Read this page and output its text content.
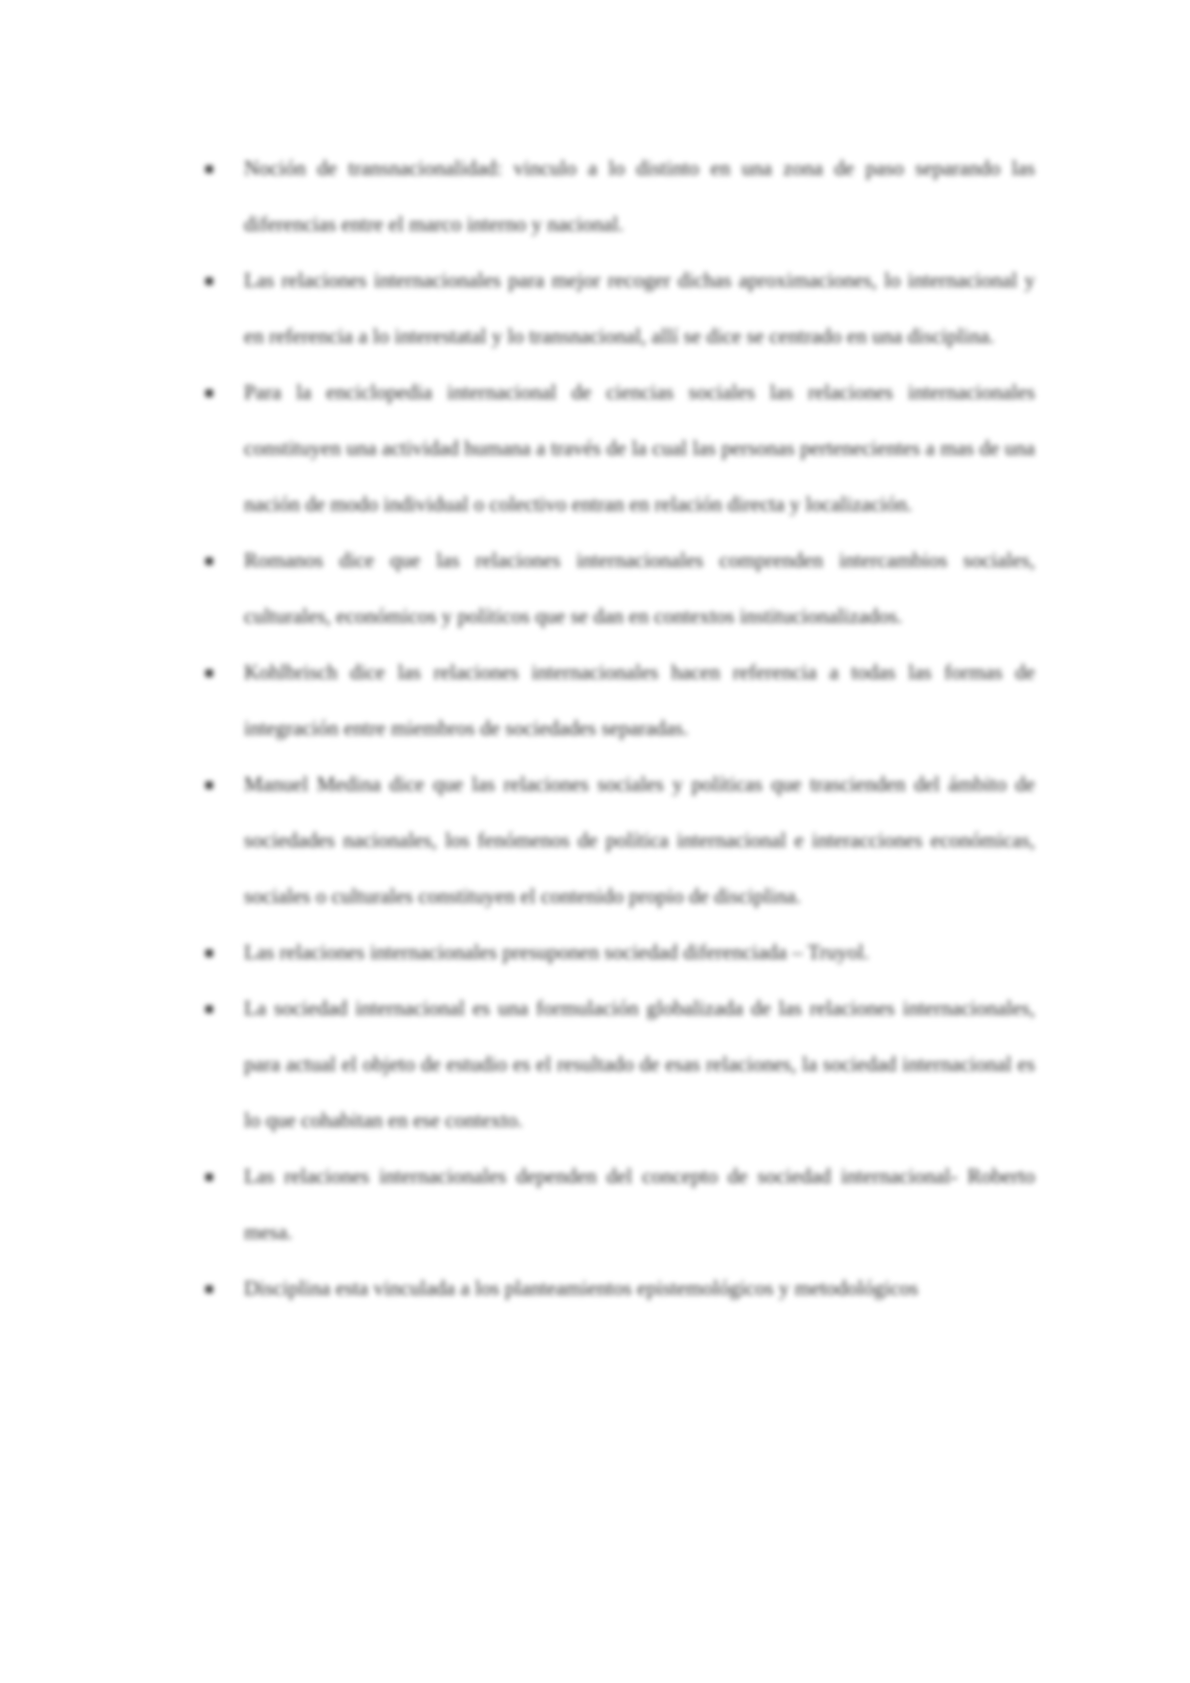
▪ Noción de transnacionalidad: vinculo a lo distinto en una zona de paso separando las diferencias entre el marco interno y nacional.
▪ Las relaciones internacionales para mejor recoger dichas aproximaciones, lo internacional y en referencia a lo interestatal y lo transnacional, allí se dice se centrado en una disciplina.
▪ Para la enciclopedia internacional de ciencias sociales las relaciones internacionales constituyen una actividad humana a través de la cual las personas pertenecientes a mas de una nación de modo individual o colectivo entran en relación directa y localización.
▪ Romanos dice que las relaciones internacionales comprenden intercambios sociales, culturales, económicos y políticos que se dan en contextos institucionalizados.
▪ Kohlbrisch dice las relaciones internacionales hacen referencia a todas las formas de integración entre miembros de sociedades separadas.
▪ Manuel Medina dice que las relaciones sociales y políticas que trascienden del ámbito de sociedades nacionales, los fenómenos de política internacional e interacciones económicas, sociales o culturales constituyen el contenido propio de disciplina.
▪ Las relaciones internacionales presuponen sociedad diferenciada – Truyol.
▪ La sociedad internacional es una formulación globalizada de las relaciones internacionales, para actual el objeto de estudio es el resultado de esas relaciones, la sociedad internacional es lo que cohabitan en ese contexto.
▪ Las relaciones internacionales dependen del concepto de sociedad internacional- Roberto mesa.
▪ Disciplina esta vinculada a los planteamientos epistemológicos y metodológicos
